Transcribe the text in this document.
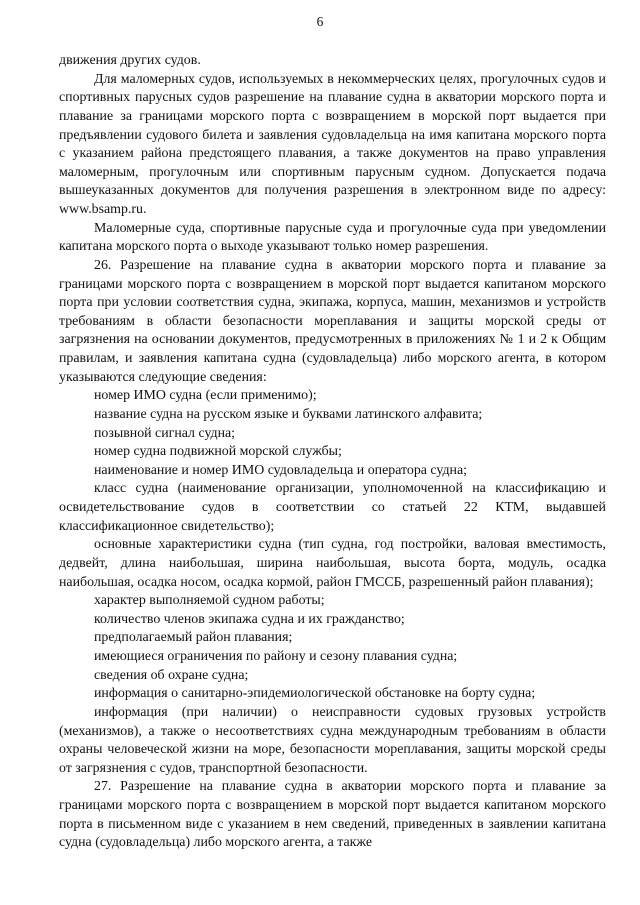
6

движения других судов.

Для маломерных судов, используемых в некоммерческих целях, прогулочных судов и спортивных парусных судов разрешение на плавание судна в акватории морского порта и плавание за границами морского порта с возвращением в морской порт выдается при предъявлении судового билета и заявления судовладельца на имя капитана морского порта с указанием района предстоящего плавания, а также документов на право управления маломерным, прогулочным или спортивным парусным судном. Допускается подача вышеуказанных документов для получения разрешения в электронном виде по адресу: www.bsamp.ru.

Маломерные суда, спортивные парусные суда и прогулочные суда при уведомлении капитана морского порта о выходе указывают только номер разрешения.

26. Разрешение на плавание судна в акватории морского порта и плавание за границами морского порта с возвращением в морской порт выдается капитаном морского порта при условии соответствия судна, экипажа, корпуса, машин, механизмов и устройств требованиям в области безопасности мореплавания и защиты морской среды от загрязнения на основании документов, предусмотренных в приложениях № 1 и 2 к Общим правилам, и заявления капитана судна (судовладельца) либо морского агента, в котором указываются следующие сведения:

номер ИМО судна (если применимо);

название судна на русском языке и буквами латинского алфавита;

позывной сигнал судна;

номер судна подвижной морской службы;

наименование и номер ИМО судовладельца и оператора судна;

класс судна (наименование организации, уполномоченной на классификацию и освидетельствование судов в соответствии со статьей 22 КТМ, выдавшей классификационное свидетельство);

основные характеристики судна (тип судна, год постройки, валовая вместимость, дедвейт, длина наибольшая, ширина наибольшая, высота борта, модуль, осадка наибольшая, осадка носом, осадка кормой, район ГМССБ, разрешенный район плавания);

характер выполняемой судном работы;

количество членов экипажа судна и их гражданство;

предполагаемый район плавания;

имеющиеся ограничения по району и сезону плавания судна;

сведения об охране судна;

информация о санитарно-эпидемиологической обстановке на борту судна;

информация (при наличии) о неисправности судовых грузовых устройств (механизмов), а также о несоответствиях судна международным требованиям в области охраны человеческой жизни на море, безопасности мореплавания, защиты морской среды от загрязнения с судов, транспортной безопасности.

27. Разрешение на плавание судна в акватории морского порта и плавание за границами морского порта с возвращением в морской порт выдается капитаном морского порта в письменном виде с указанием в нем сведений, приведенных в заявлении капитана судна (судовладельца) либо морского агента, а также
